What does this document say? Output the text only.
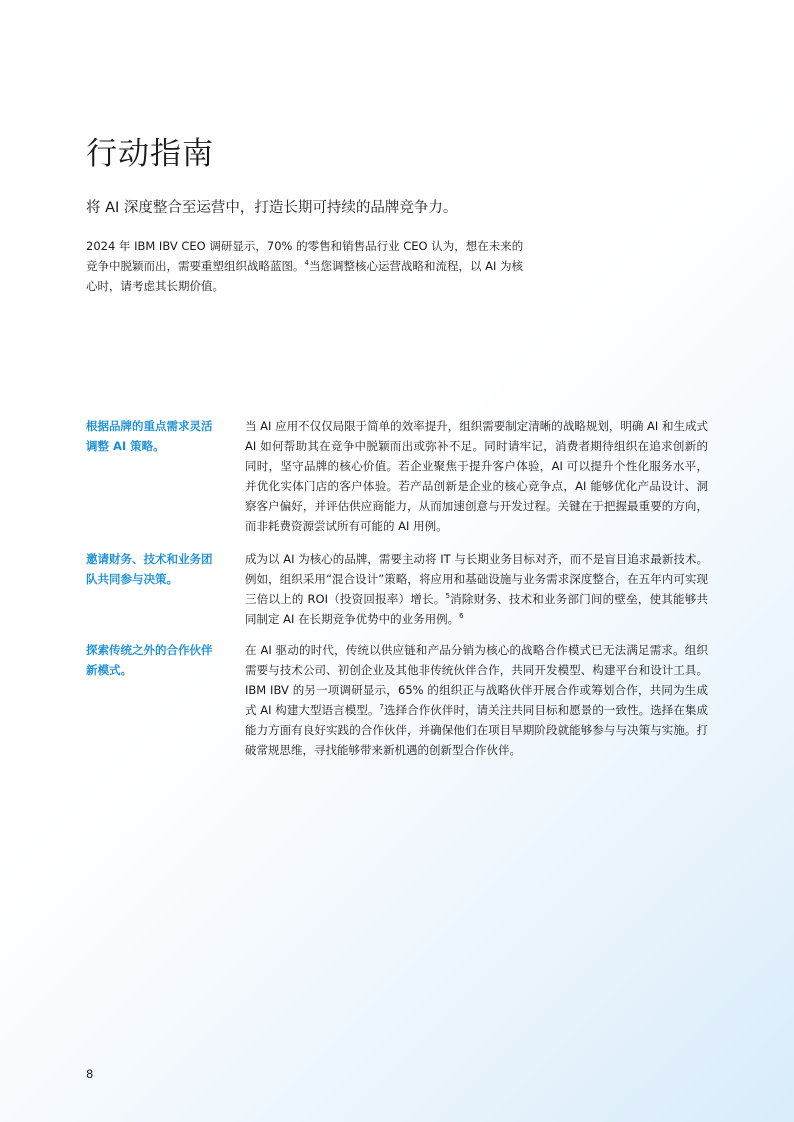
行动指南

将 AI 深度整合至运营中，打造长期可持续的品牌竞争力。

2024 年 IBM IBV CEO 调研显示，70% 的零售和销售品行业 CEO 认为，想在未来的竞争中脱颖而出，需要重塑组织战略蓝图。$^4$当您调整核心运营战略和流程，以 AI 为核心时，请考虑其长期价值。

根据品牌的重点需求灵活调整 AI 策略。

当 AI 应用不仅仅局限于简单的效率提升，组织需要制定清晰的战略规划，明确 AI 和生成式 AI 如何帮助其在竞争中脱颖而出或弥补不足。同时请牢记，消费者期待组织在追求创新的同时，坚守品牌的核心价值。若企业聚焦于提升客户体验，AI 可以提升个性化服务水平，并优化实体门店的客户体验。若产品创新是企业的核心竞争点，AI 能够优化产品设计、洞察客户偏好，并评估供应商能力，从而加速创意与开发过程。关键在于把握最重要的方向，而非耗费资源尝试所有可能的 AI 用例。

邀请财务、技术和业务团队共同参与决策。

成为以 AI 为核心的品牌，需要主动将 IT 与长期业务目标对齐，而不是盲目追求最新技术。例如，组织采用“混合设计”策略，将应用和基础设施与业务需求深度整合，在五年内可实现三倍以上的 ROI（投资回报率）增长。$^5$消除财务、技术和业务部门间的壁垒，使其能够共同制定 AI 在长期竞争优势中的业务用例。$^6$

探索传统之外的合作伙伴新模式。

在 AI 驱动的时代，传统以供应链和产品分销为核心的战略合作模式已无法满足需求。组织需要与技术公司、初创企业及其他非传统伙伴合作，共同开发模型、构建平台和设计工具。IBM IBV 的另一项调研显示，65% 的组织正与战略伙伴开展合作或筹划合作，共同为生成式 AI 构建大型语言模型。$^7$选择合作伙伴时，请关注共同目标和愿景的一致性。选择在集成能力方面有良好实践的合作伙伴，并确保他们在项目早期阶段就能够参与与决策与实施。打破常规思维，寻找能够带来新机遇的创新型合作伙伴。

8
